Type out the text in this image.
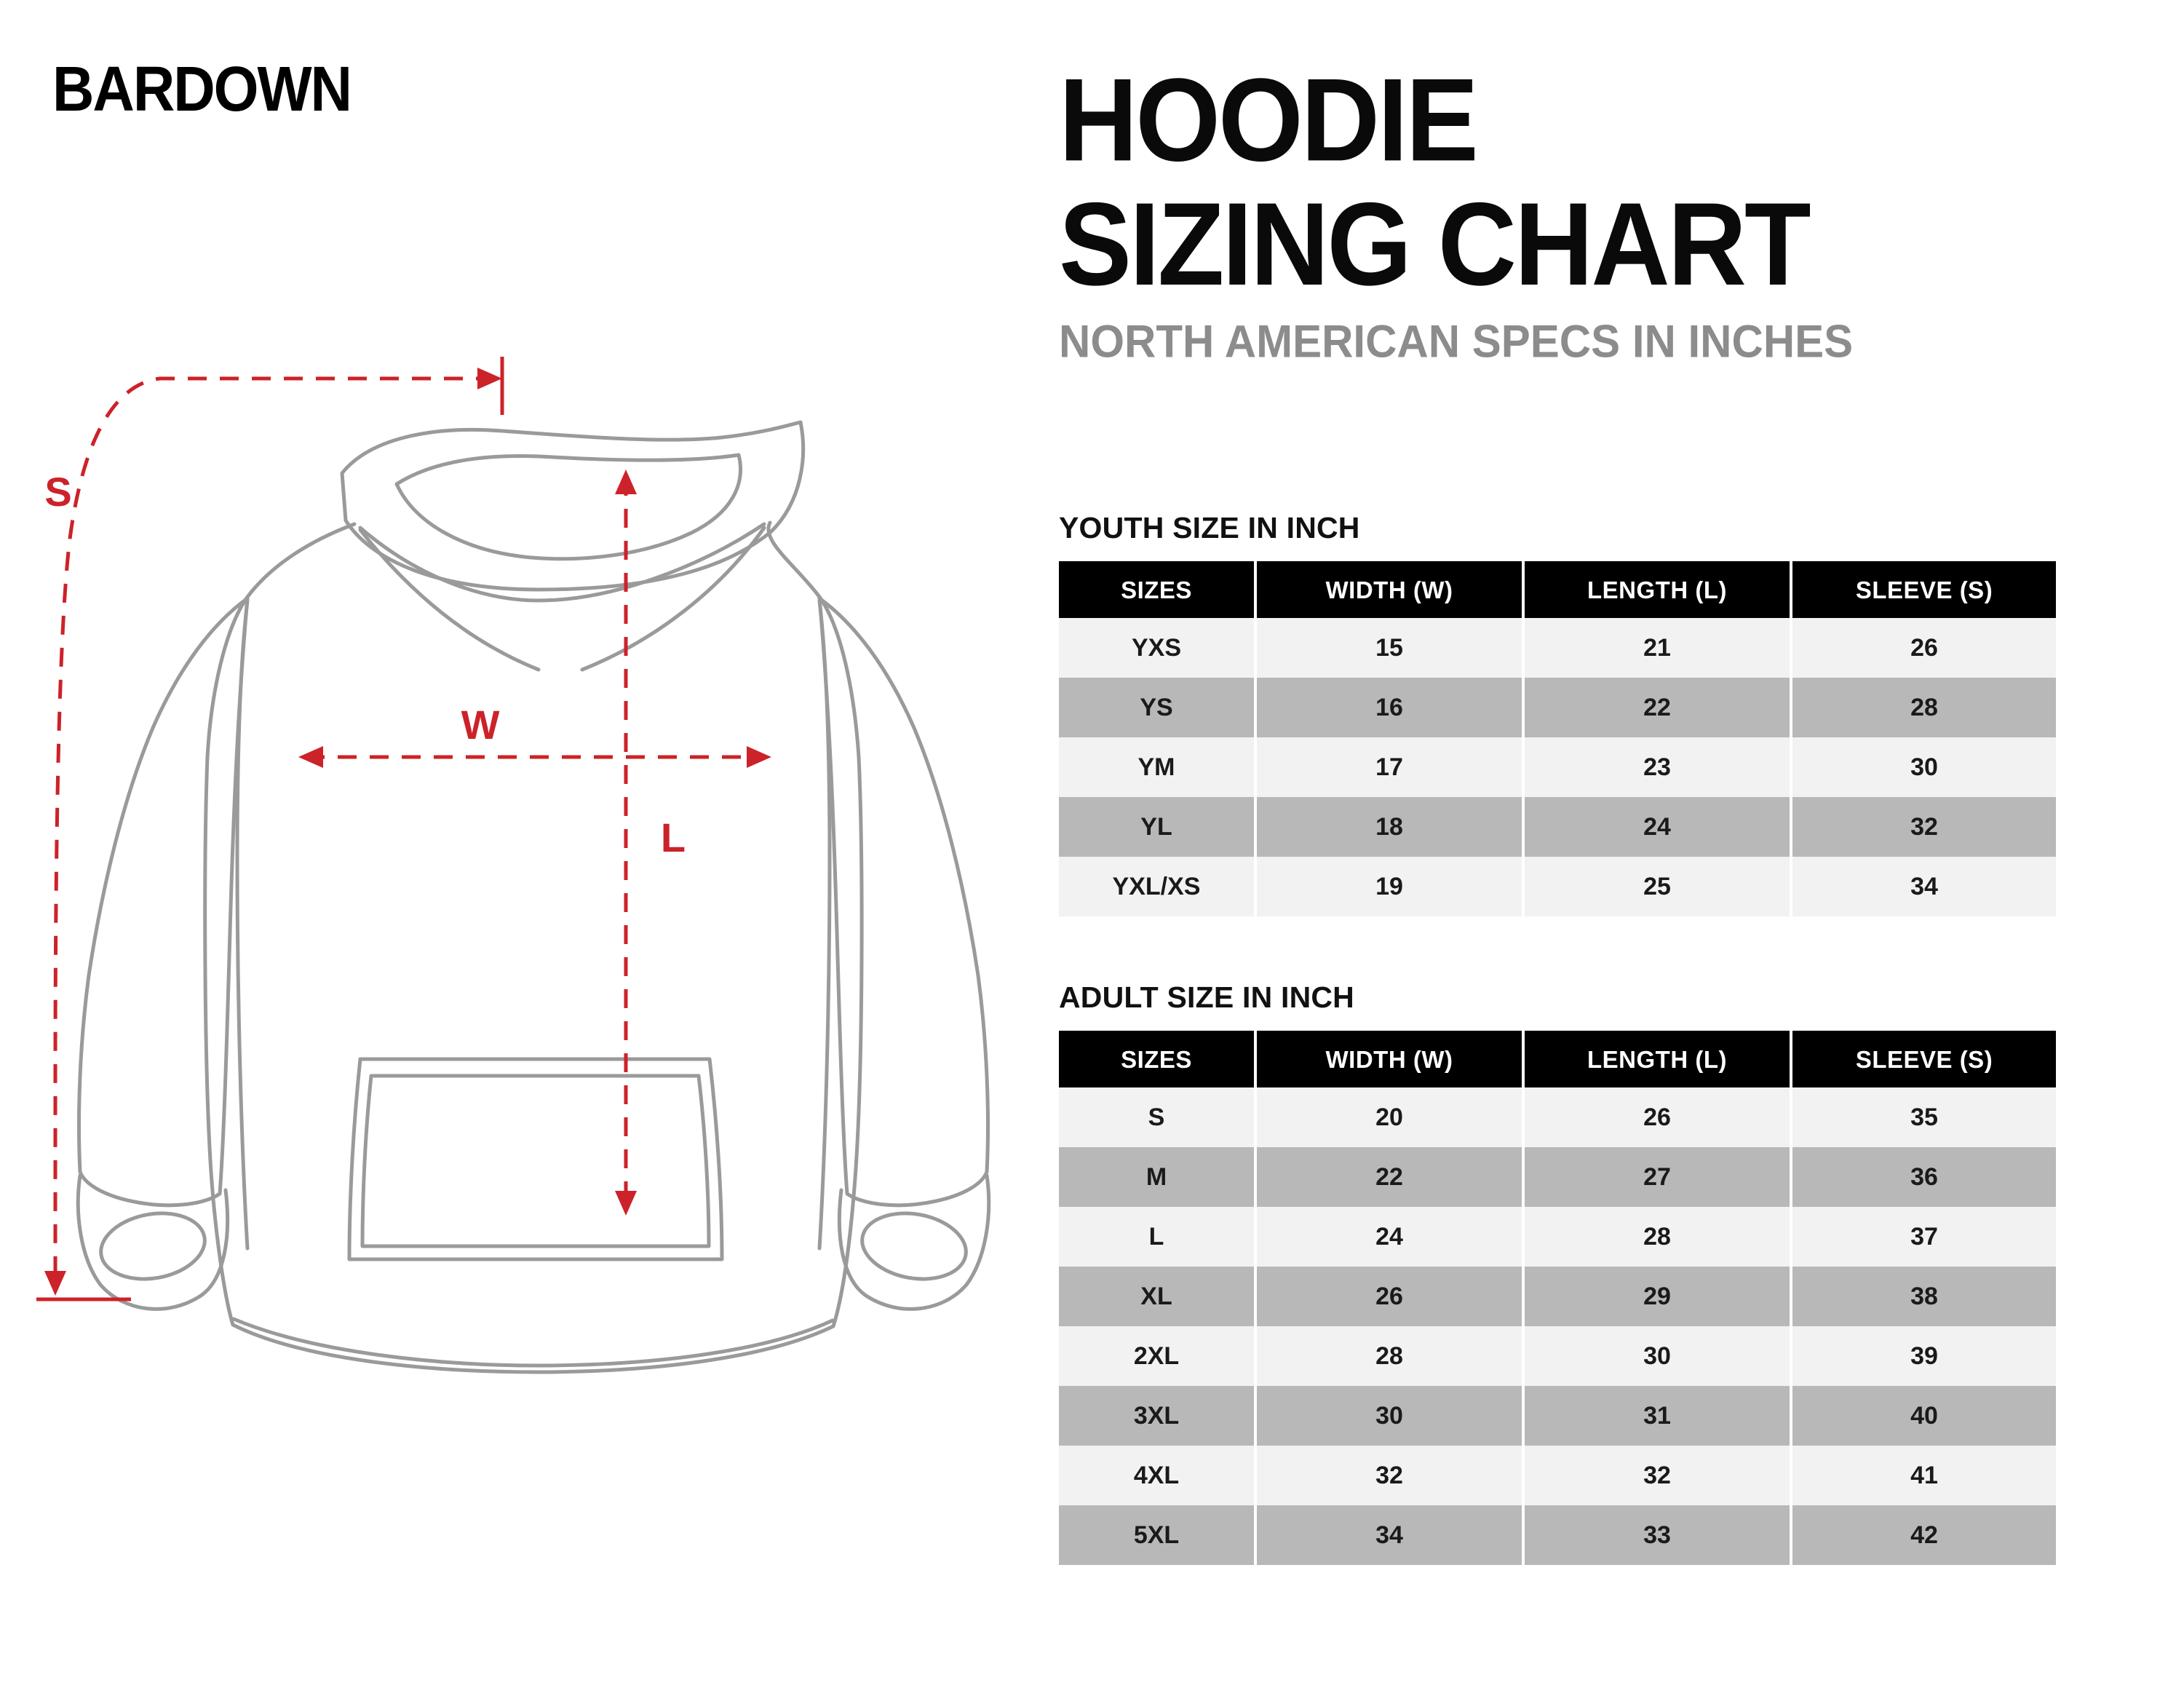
BARDOWN
S
W
L
HOODIE
SIZING CHART
NORTH AMERICAN SPECS IN INCHES
YOUTH SIZE IN INCH
SIZES	WIDTH (W)	LENGTH (L)	SLEEVE (S)
YXS	15	21	26
YS	16	22	28
YM	17	23	30
YL	18	24	32
YXL/XS	19	25	34
ADULT SIZE IN INCH
SIZES	WIDTH (W)	LENGTH (L)	SLEEVE (S)
S	20	26	35
M	22	27	36
L	24	28	37
XL	26	29	38
2XL	28	30	39
3XL	30	31	40
4XL	32	32	41
5XL	34	33	42
